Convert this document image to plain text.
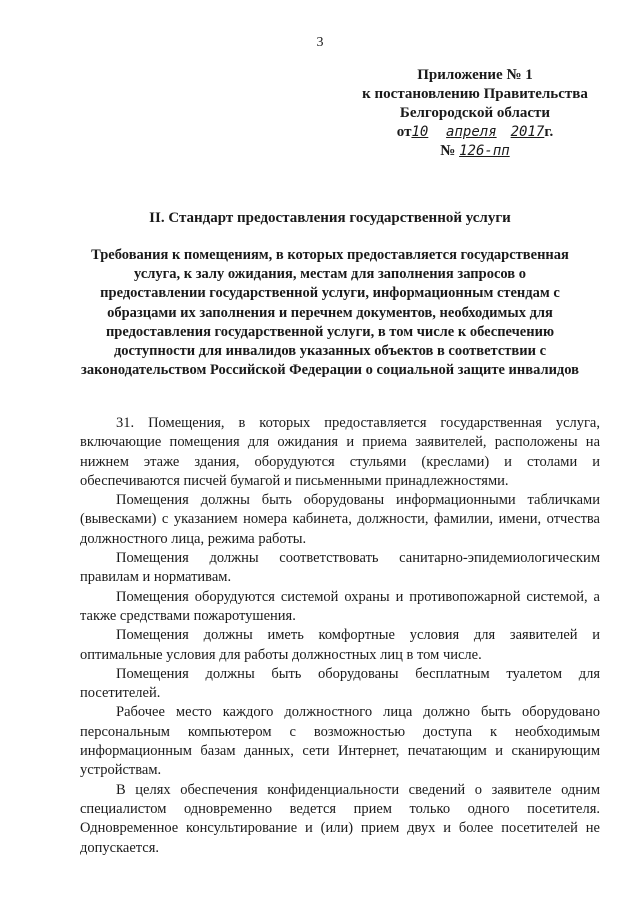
3
Приложение № 1
к постановлению Правительства
Белгородской области
от10 апреля 2017г.
№ 126-пп
II. Стандарт предоставления государственной услуги
Требования к помещениям, в которых предоставляется государственная услуга, к залу ожидания, местам для заполнения запросов о предоставлении государственной услуги, информационным стендам с образцами их заполнения и перечнем документов, необходимых для предоставления государственной услуги, в том числе к обеспечению доступности для инвалидов указанных объектов в соответствии с законодательством Российской Федерации о социальной защите инвалидов

31. Помещения, в которых предоставляется государственная услуга, включающие помещения для ожидания и приема заявителей, расположены на нижнем этаже здания, оборудуются стульями (креслами) и столами и обеспечиваются писчей бумагой и письменными принадлежностями.

Помещения должны быть оборудованы информационными табличками (вывесками) с указанием номера кабинета, должности, фамилии, имени, отчества должностного лица, режима работы.

Помещения должны соответствовать санитарно-эпидемиологическим правилам и нормативам.

Помещения оборудуются системой охраны и противопожарной системой, а также средствами пожаротушения.

Помещения должны иметь комфортные условия для заявителей и оптимальные условия для работы должностных лиц в том числе.

Помещения должны быть оборудованы бесплатным туалетом для посетителей.

Рабочее место каждого должностного лица должно быть оборудовано персональным компьютером с возможностью доступа к необходимым информационным базам данных, сети Интернет, печатающим и сканирующим устройствам.

В целях обеспечения конфиденциальности сведений о заявителе одним специалистом одновременно ведется прием только одного посетителя. Одновременное консультирование и (или) прием двух и более посетителей не допускается.
